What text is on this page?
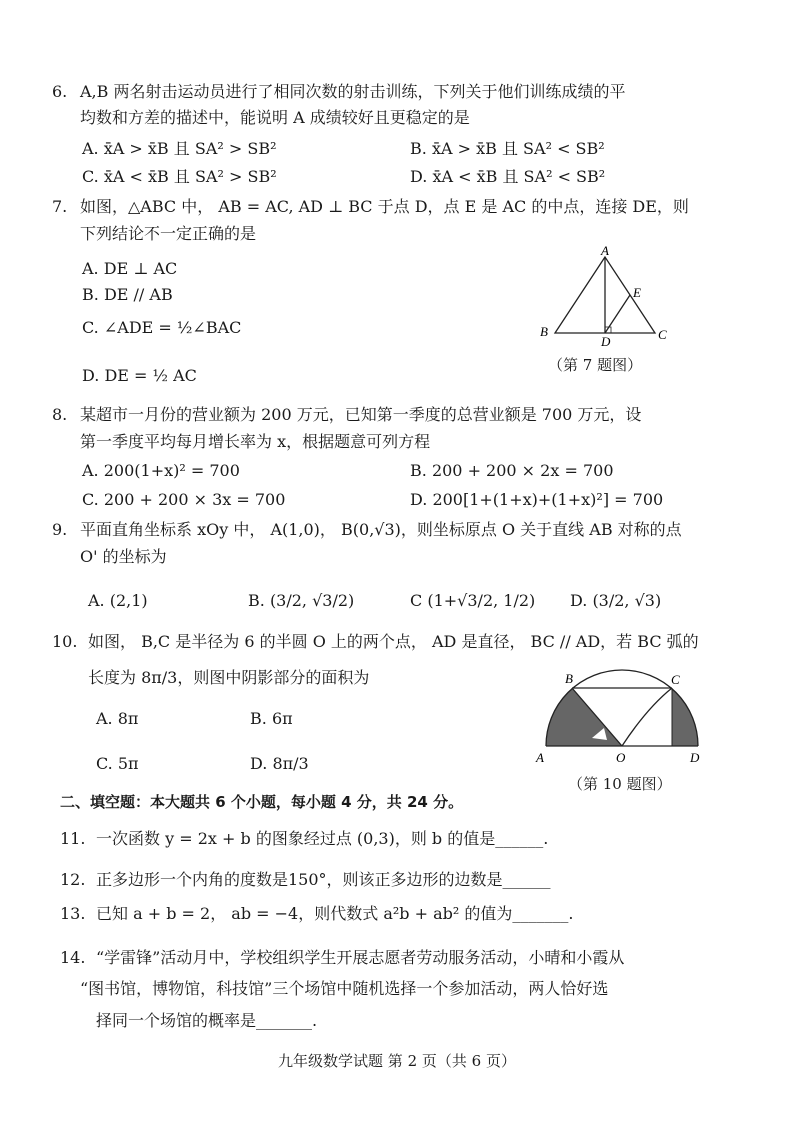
6. A,B 两名射击运动员进行了相同次数的射击训练，下列关于他们训练成绩的平
均数和方差的描述中，能说明 A 成绩较好且更稳定的是
A. x̄A > x̄B 且 SA² > SB²	B. x̄A > x̄B 且 SA² < SB²
C. x̄A < x̄B 且 SA² > SB²	D. x̄A < x̄B 且 SA² < SB²
7. 如图，△ABC 中， AB = AC, AD ⊥ BC 于点 D，点 E 是 AC 的中点，连接 DE，则
下列结论不一定正确的是
A. DE ⊥ AC
B. DE // AB
C. ∠ADE = ½∠BAC
D. DE = ½ AC
A
B	C
D
E
（第 7 题图）
8. 某超市一月份的营业额为 200 万元，已知第一季度的总营业额是 700 万元，设
第一季度平均每月增长率为 x，根据题意可列方程
A. 200(1+x)² = 700	B. 200 + 200 × 2x = 700
C. 200 + 200 × 3x = 700	D. 200[1+(1+x)+(1+x)²] = 700
9. 平面直角坐标系 xOy 中， A(1,0)， B(0,√3)，则坐标原点 O 关于直线 AB 对称的点
O' 的坐标为
A. (2,1)	B. (3/2, √3/2)	C (1+√3/2, 1/2) D. (3/2, √3)
10. 如图， B,C 是半径为 6 的半圆 O 上的两个点， AD 是直径， BC // AD，若 BC 弧的
长度为 8π/3，则图中阴影部分的面积为
A. 8π	B. 6π
C. 5π	D. 8π/3
B	C
A	O	D
（第 10 题图）
二、填空题：本大题共 6 个小题，每小题 4 分，共 24 分。
11. 一次函数 y = 2x + b 的图象经过点 (0,3)，则 b 的值是______.
12. 正多边形一个内角的度数是150°，则该正多边形的边数是______
13. 已知 a + b = 2， ab = −4，则代数式 a²b + ab² 的值为_______.
14. “学雷锋”活动月中，学校组织学生开展志愿者劳动服务活动，小晴和小霞从
“图书馆，博物馆，科技馆”三个场馆中随机选择一个参加活动，两人恰好选
择同一个场馆的概率是_______.
九年级数学试题 第 2 页（共 6 页）
